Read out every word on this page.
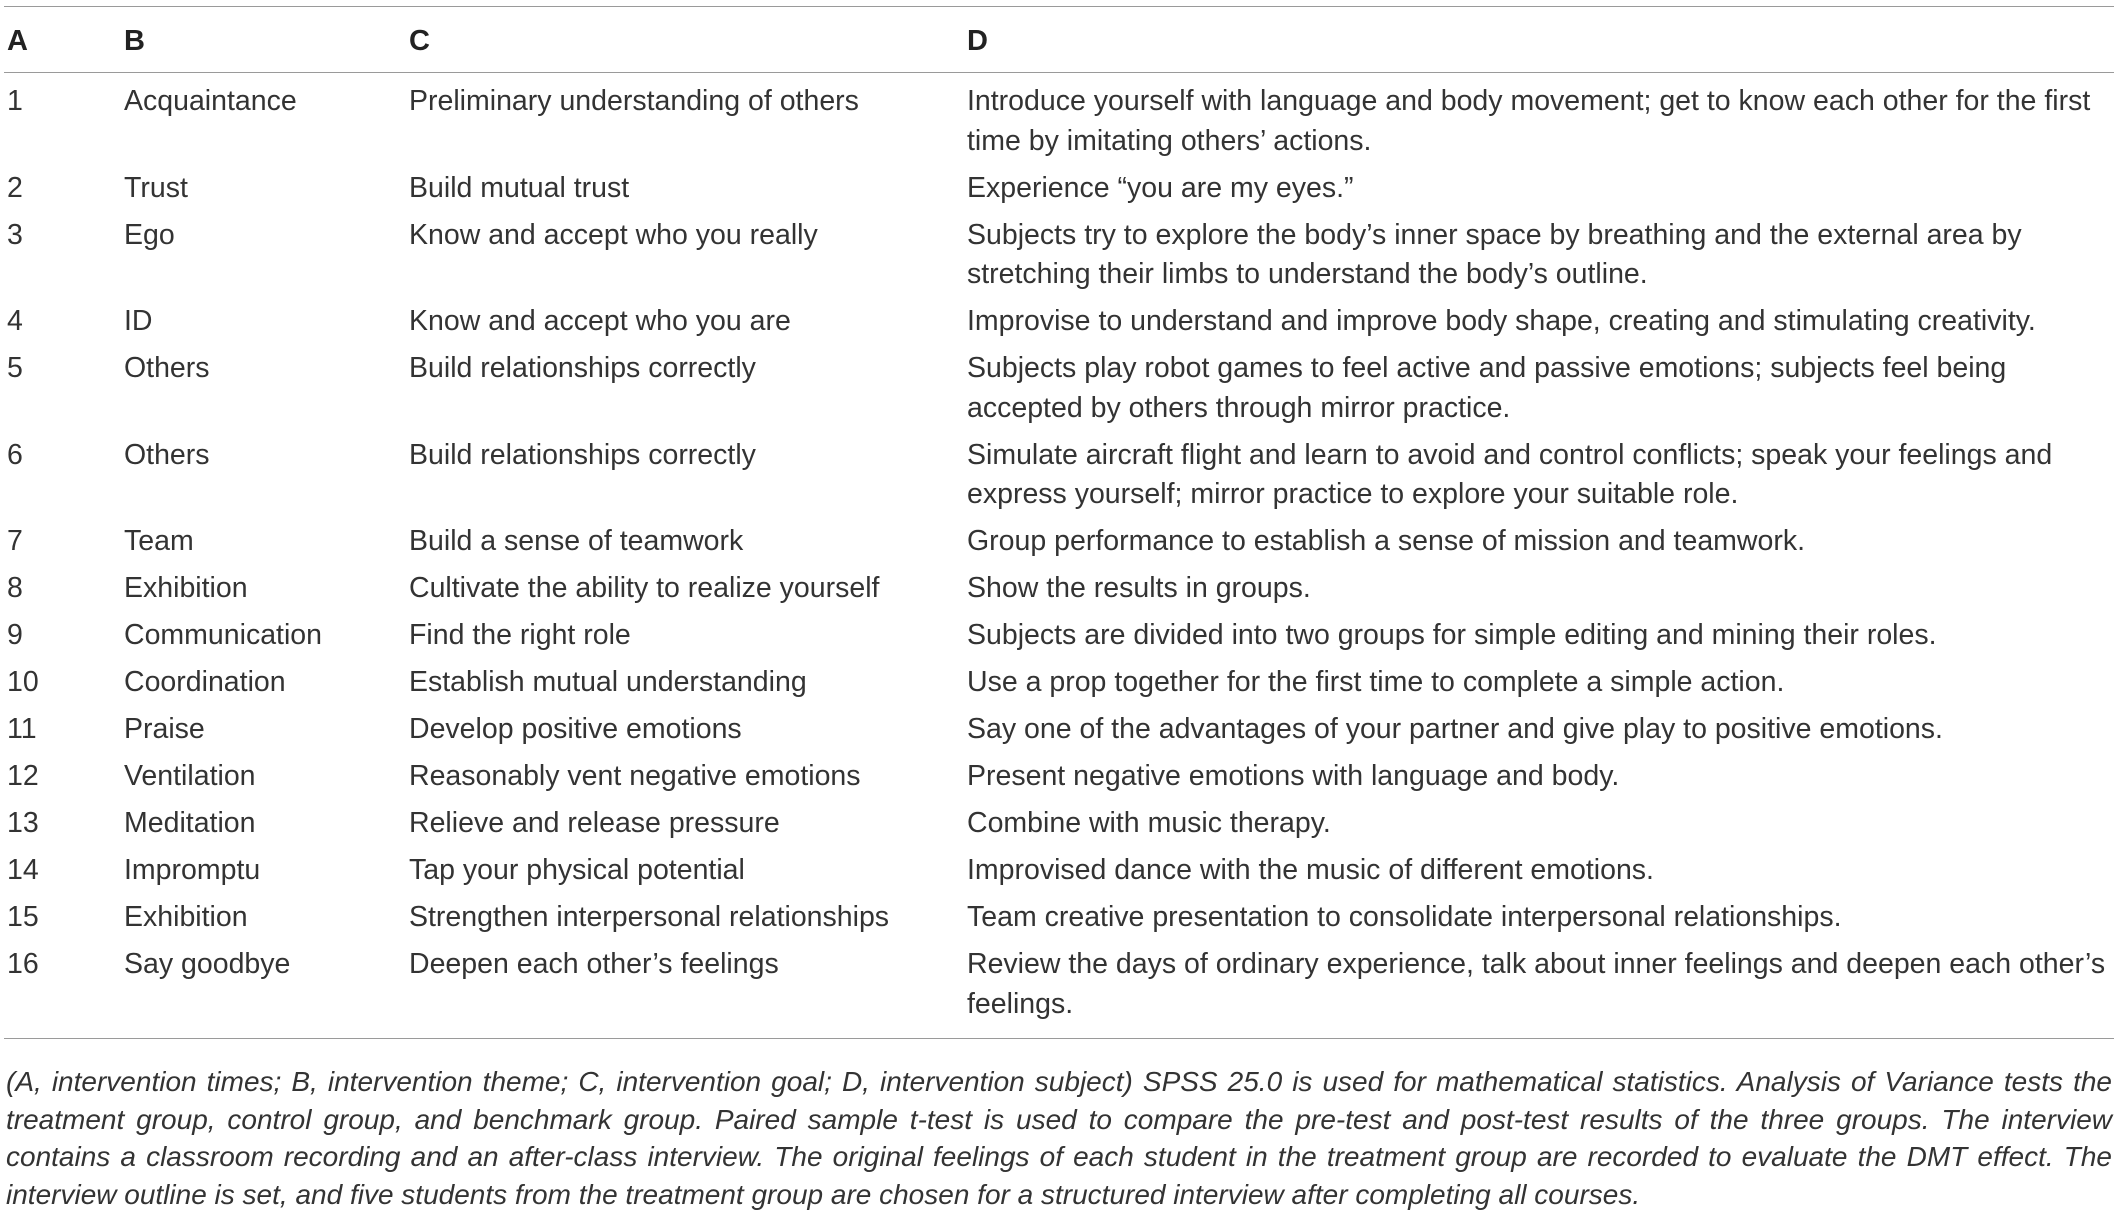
A	B	C	D

1	Acquaintance	Preliminary understanding of others	Introduce yourself with language and body movement; get to know each other for the first time by imitating others’ actions.
2	Trust	Build mutual trust	Experience “you are my eyes.”
3	Ego	Know and accept who you really	Subjects try to explore the body’s inner space by breathing and the external area by stretching their limbs to understand the body’s outline.
4	ID	Know and accept who you are	Improvise to understand and improve body shape, creating and stimulating creativity.
5	Others	Build relationships correctly	Subjects play robot games to feel active and passive emotions; subjects feel being accepted by others through mirror practice.
6	Others	Build relationships correctly	Simulate aircraft flight and learn to avoid and control conflicts; speak your feelings and express yourself; mirror practice to explore your suitable role.
7	Team	Build a sense of teamwork	Group performance to establish a sense of mission and teamwork.
8	Exhibition	Cultivate the ability to realize yourself	Show the results in groups.
9	Communication	Find the right role	Subjects are divided into two groups for simple editing and mining their roles.
10	Coordination	Establish mutual understanding	Use a prop together for the first time to complete a simple action.
11	Praise	Develop positive emotions	Say one of the advantages of your partner and give play to positive emotions.
12	Ventilation	Reasonably vent negative emotions	Present negative emotions with language and body.
13	Meditation	Relieve and release pressure	Combine with music therapy.
14	Impromptu	Tap your physical potential	Improvised dance with the music of different emotions.
15	Exhibition	Strengthen interpersonal relationships	Team creative presentation to consolidate interpersonal relationships.
16	Say goodbye	Deepen each other’s feelings	Review the days of ordinary experience, talk about inner feelings and deepen each other’s feelings.
(A, intervention times; B, intervention theme; C, intervention goal; D, intervention subject) SPSS 25.0 is used for mathematical statistics. Analysis of Variance tests the treatment group, control group, and benchmark group. Paired sample t-test is used to compare the pre-test and post-test results of the three groups. The interview contains a classroom recording and an after-class interview. The original feelings of each student in the treatment group are recorded to evaluate the DMT effect. The interview outline is set, and five students from the treatment group are chosen for a structured interview after completing all courses.
